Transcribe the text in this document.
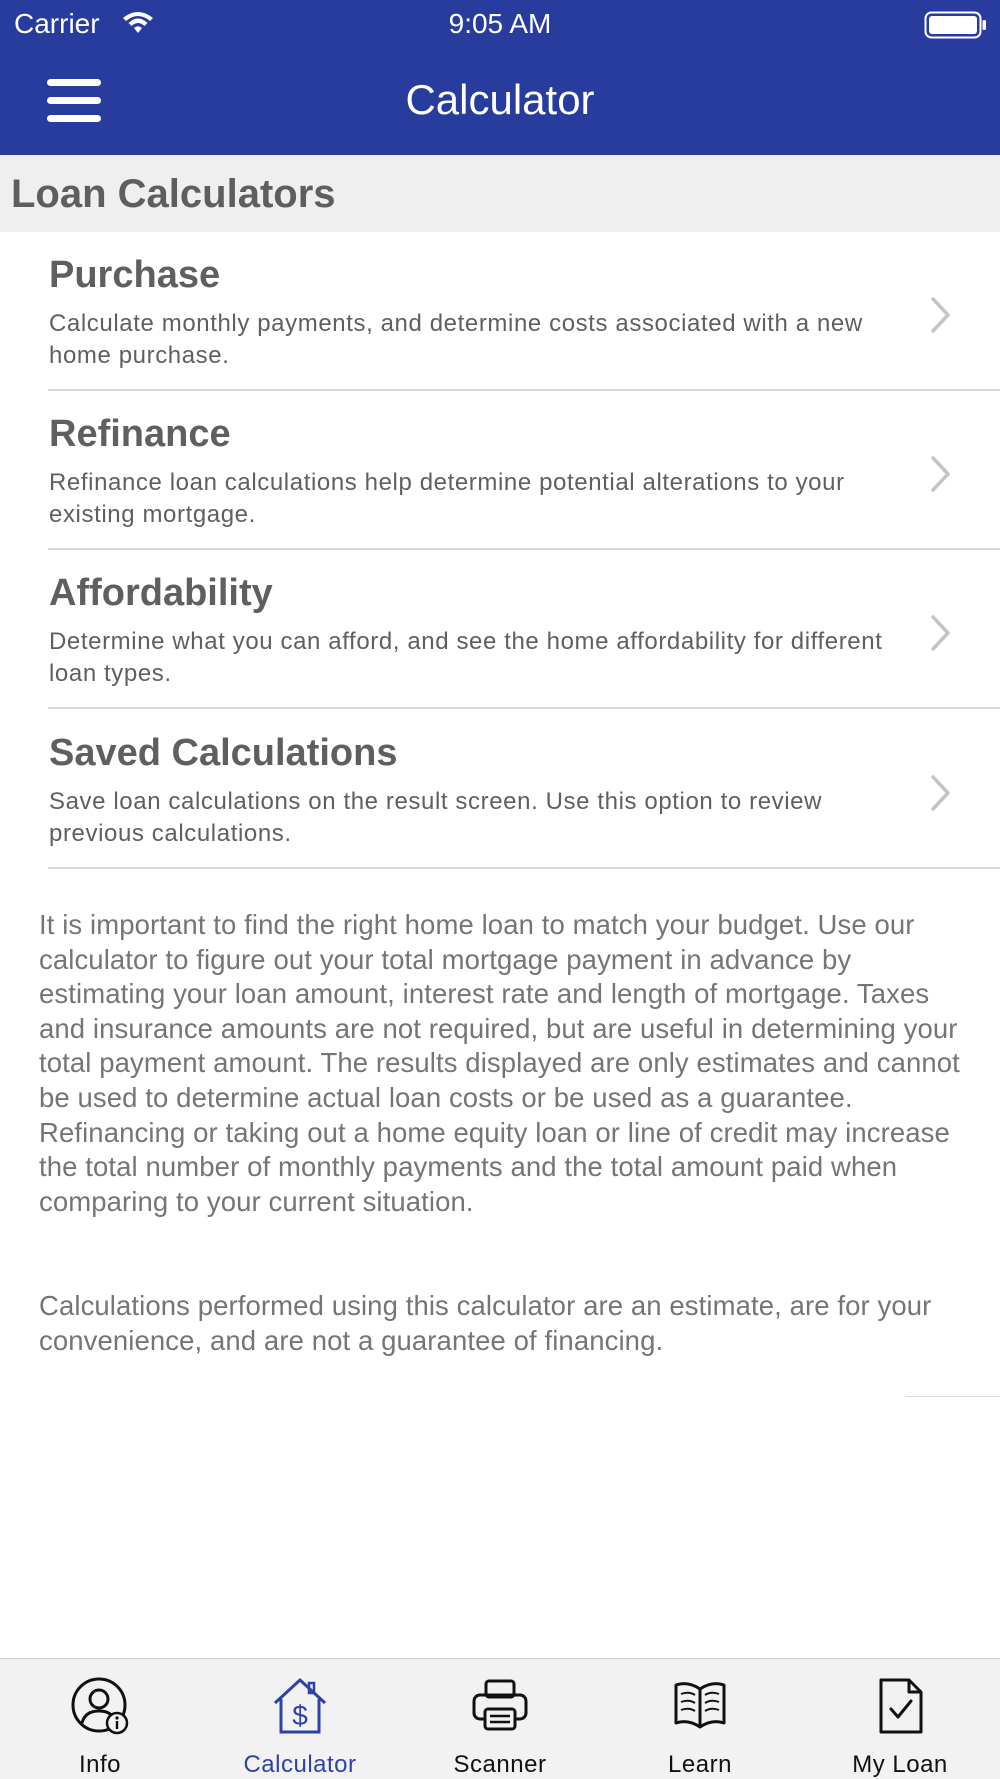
Carrier	9:05 AM
Calculator
Loan Calculators
Purchase
Calculate monthly payments, and determine costs associated with a new home purchase.
Refinance
Refinance loan calculations help determine potential alterations to your existing mortgage.
Affordability
Determine what you can afford, and see the home affordability for different loan types.
Saved Calculations
Save loan calculations on the result screen. Use this option to review previous calculations.

It is important to find the right home loan to match your budget. Use our calculator to figure out your total mortgage payment in advance by estimating your loan amount, interest rate and length of mortgage. Taxes and insurance amounts are not required, but are useful in determining your total payment amount. The results displayed are only estimates and cannot be used to determine actual loan costs or be used as a guarantee. Refinancing or taking out a home equity loan or line of credit may increase the total number of monthly payments and the total amount paid when comparing to your current situation.

Calculations performed using this calculator are an estimate, are for your convenience, and are not a guarantee of financing.

Info
$
Calculator	Scanner	Learn	My Loan
